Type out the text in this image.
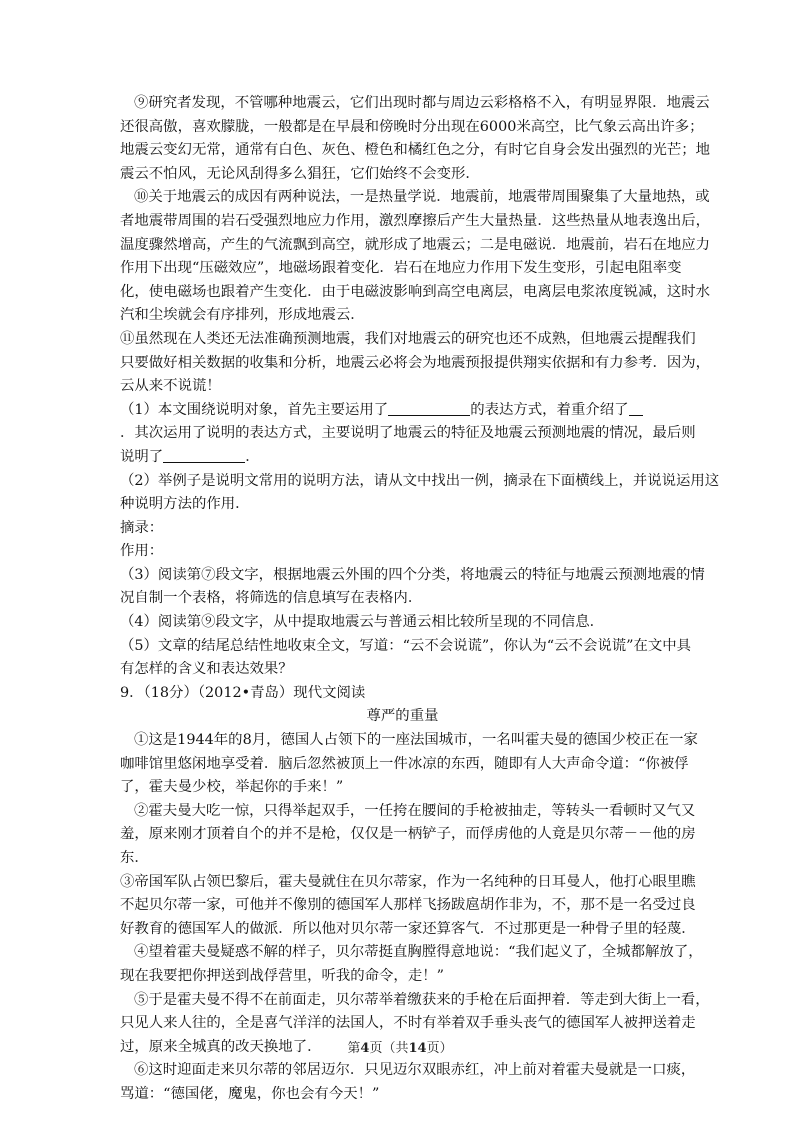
⑨研究者发现，不管哪种地震云，它们出现时都与周边云彩格格不入，有明显界限．地震云
还很高傲，喜欢朦胧，一般都是在早晨和傍晚时分出现在6000米高空，比气象云高出许多；
地震云变幻无常，通常有白色、灰色、橙色和橘红色之分，有时它自身会发出强烈的光芒；地
震云不怕风，无论风刮得多么猖狂，它们始终不会变形．
⑩关于地震云的成因有两种说法，一是热量学说．地震前，地震带周围聚集了大量地热，或
者地震带周围的岩石受强烈地应力作用，激烈摩擦后产生大量热量．这些热量从地表逸出后，
温度骤然增高，产生的气流飘到高空，就形成了地震云；二是电磁说．地震前，岩石在地应力
作用下出现“压磁效应”，地磁场跟着变化．岩石在地应力作用下发生变形，引起电阻率变
化，使电磁场也跟着产生变化．由于电磁波影响到高空电离层，电离层电浆浓度锐减，这时水
汽和尘埃就会有序排列，形成地震云．
⑪虽然现在人类还无法准确预测地震，我们对地震云的研究也还不成熟，但地震云提醒我们
只要做好相关数据的收集和分析，地震云必将会为地震预报提供翔实依据和有力参考．因为，
云从来不说谎！
（1）本文围绕说明对象，首先主要运用了	的表达方式，着重介绍了
．其次运用了说明的表达方式，主要说明了地震云的特征及地震云预测地震的情况，最后则
说明了	．
（2）举例子是说明文常用的说明方法，请从文中找出一例，摘录在下面横线上，并说说运用这
种说明方法的作用．
摘录：
作用：
（3）阅读第⑦段文字，根据地震云外围的四个分类，将地震云的特征与地震云预测地震的情
况自制一个表格，将筛选的信息填写在表格内．
（4）阅读第⑨段文字，从中提取地震云与普通云相比较所呈现的不同信息．
（5）文章的结尾总结性地收束全文，写道：“云不会说谎”，你认为“云不会说谎”在文中具
有怎样的含义和表达效果？
9．（18分）（2012•青岛）现代文阅读
尊严的重量
①这是1944年的8月，德国人占领下的一座法国城市，一名叫霍夫曼的德国少校正在一家
咖啡馆里悠闲地享受着．脑后忽然被顶上一件冰凉的东西，随即有人大声命令道：“你被俘
了，霍夫曼少校，举起你的手来！”
②霍夫曼大吃一惊，只得举起双手，一任挎在腰间的手枪被抽走，等转头一看顿时又气又
羞，原来刚才顶着自个的并不是枪，仅仅是一柄铲子，而俘虏他的人竟是贝尔蒂－－他的房
东．
③帝国军队占领巴黎后，霍夫曼就住在贝尔蒂家，作为一名纯种的日耳曼人，他打心眼里瞧
不起贝尔蒂一家，可他并不像別的德国军人那样飞扬跋扈胡作非为，不，那不是一名受过良
好教育的德国军人的做派．所以他对贝尔蒂一家还算客气．不过那更是一种骨子里的轻蔑．
④望着霍夫曼疑惑不解的样子，贝尔蒂挺直胸膛得意地说：“我们起义了，全城都解放了，
现在我要把你押送到战俘营里，听我的命令，走！”
⑤于是霍夫曼不得不在前面走，贝尔蒂举着缴获来的手枪在后面押着．等走到大街上一看，
只见人来人往的，全是喜气洋洋的法国人，不时有举着双手垂头丧气的德国军人被押送着走
过，原来全城真的改天换地了．
⑥这时迎面走来贝尔蒂的邻居迈尔．只见迈尔双眼赤红，冲上前对着霍夫曼就是一口痰，
骂道：“德国佬，魔鬼，你也会有今天！”
第4页（共14页）
